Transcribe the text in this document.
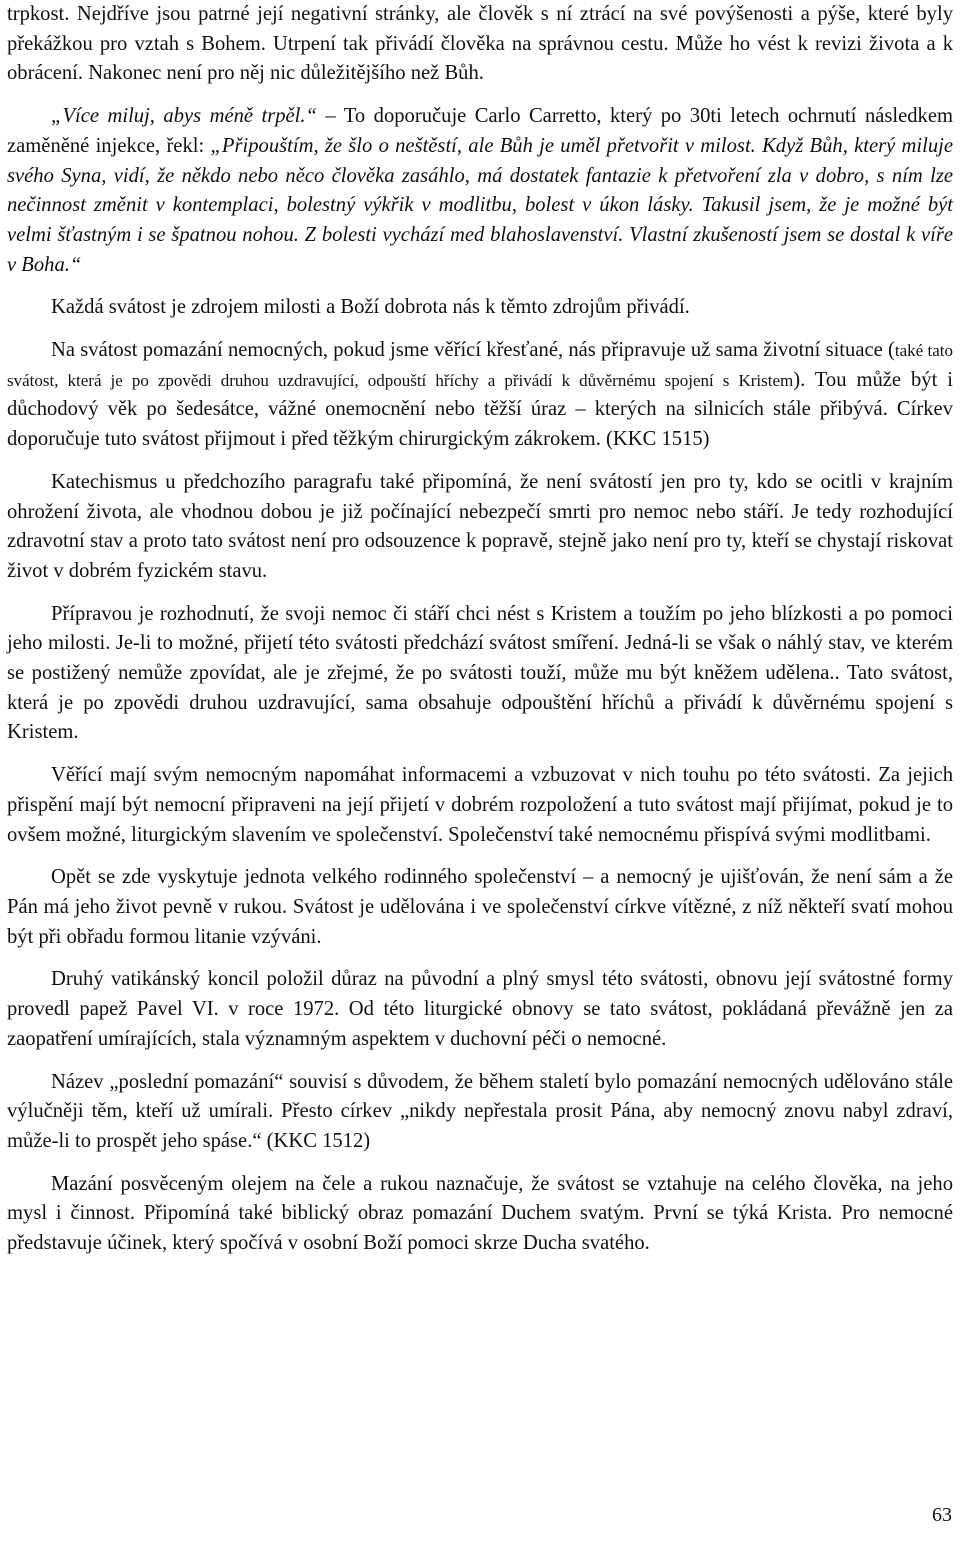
trpkost. Nejdříve jsou patrné její negativní stránky, ale člověk s ní ztrácí na své povýšenosti a pýše, které byly překážkou pro vztah s Bohem. Utrpení tak přivádí člověka na správnou cestu. Může ho vést k revizi života a k obrácení. Nakonec není pro něj nic důležitějšího než Bůh.

„Více miluj, abys méně trpěl.“ – To doporučuje Carlo Carretto, který po 30ti letech ochrnutí následkem zaměněné injekce, řekl: „Připouštím, že šlo o neštěstí, ale Bůh je uměl přetvořit v milost. Když Bůh, který miluje svého Syna, vidí, že někdo nebo něco člověka zasáhlo, má dostatek fantazie k přetvoření zla v dobro, s ním lze nečinnost změnit v kontemplaci, bolestný výkřik v modlitbu, bolest v úkon lásky. Takusil jsem, že je možné být velmi šťastným i se špatnou nohou. Z bolesti vychází med blahoslavenství. Vlastní zkušeností jsem se dostal k víře v Boha.“

Každá svátost je zdrojem milosti a Boží dobrota nás k těmto zdrojům přivádí.

Na svátost pomazání nemocných, pokud jsme věřící křesťané, nás připravuje už sama životní situace (také tato svátost, která je po zpovědi druhou uzdravující, odpouští hříchy a přivádí k důvěrnému spojení s Kristem). Tou může být i důchodový věk po šedesátce, vážné onemocnění nebo těžší úraz – kterých na silnicích stále přibývá. Církev doporučuje tuto svátost přijmout i před těžkým chirurgickým zákrokem. (KKC 1515)

Katechismus u předchozího paragrafu také připomíná, že není svátostí jen pro ty, kdo se ocitli v krajním ohrožení života, ale vhodnou dobou je již počínající nebezpečí smrti pro nemoc nebo stáří. Je tedy rozhodující zdravotní stav a proto tato svátost není pro odsouzence k popravě, stejně jako není pro ty, kteří se chystají riskovat život v dobrém fyzickém stavu.

Přípravou je rozhodnutí, že svoji nemoc či stáří chci nést s Kristem a toužím po jeho blízkosti a po pomoci jeho milosti. Je-li to možné, přijetí této svátosti předchází svátost smíření. Jedná-li se však o náhlý stav, ve kterém se postižený nemůže zpovídat, ale je zřejmé, že po svátosti touží, může mu být kněžem udělena.. Tato svátost, která je po zpovědi druhou uzdravující, sama obsahuje odpouštění hříchů a přivádí k důvěrnému spojení s Kristem.

Věřící mají svým nemocným napomáhat informacemi a vzbuzovat v nich touhu po této svátosti. Za jejich přispění mají být nemocní připraveni na její přijetí v dobrém rozpoložení a tuto svátost mají přijímat, pokud je to ovšem možné, liturgickým slavením ve společenství. Společenství také nemocnému přispívá svými modlitbami.

Opět se zde vyskytuje jednota velkého rodinného společenství – a nemocný je ujišťován, že není sám a že Pán má jeho život pevně v rukou. Svátost je udělována i ve společenství církve vítězné, z níž někteří svatí mohou být při obřadu formou litanie vzýváni.

Druhý vatikánský koncil položil důraz na původní a plný smysl této svátosti, obnovu její svátostné formy provedl papež Pavel VI. v roce 1972. Od této liturgické obnovy se tato svátost, pokládaná převážně jen za zaopatření umírajících, stala významným aspektem v duchovní péči o nemocné.

Název „poslední pomazání“ souvisí s důvodem, že během staletí bylo pomazání nemocných udělováno stále výlučněji těm, kteří už umírali. Přesto církev „nikdy nepřestala prosit Pána, aby nemocný znovu nabyl zdraví, může-li to prospět jeho spáse.“ (KKC 1512)

Mazání posvěceným olejem na čele a rukou naznačuje, že svátost se vztahuje na celého člověka, na jeho mysl i činnost. Připomíná také biblický obraz pomazání Duchem svatým. První se týká Krista. Pro nemocné představuje účinek, který spočívá v osobní Boží pomoci skrze Ducha svatého.

63
